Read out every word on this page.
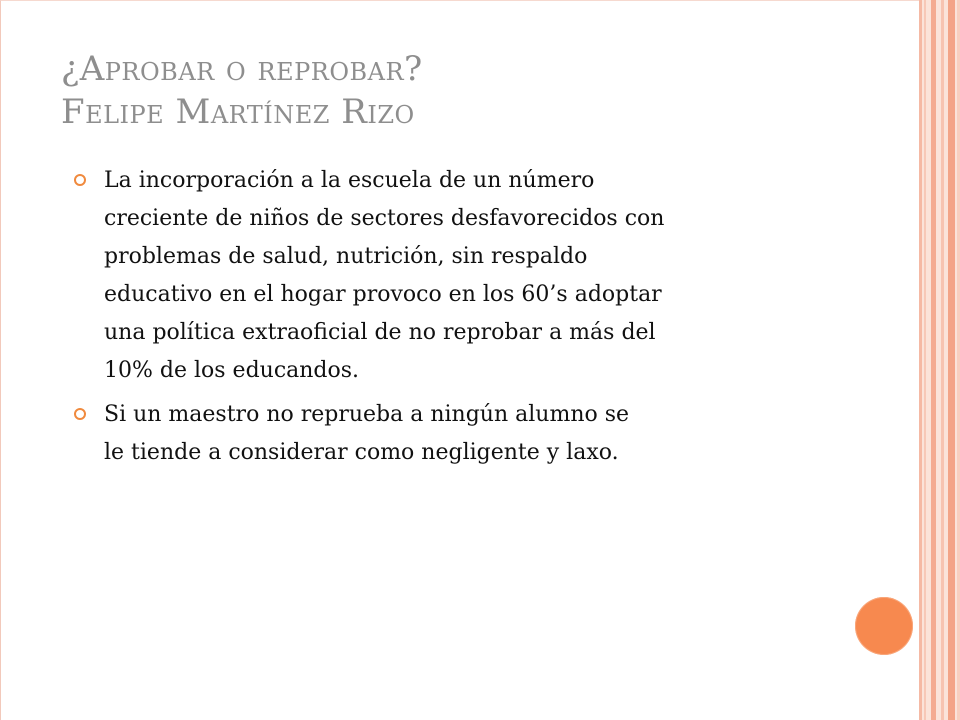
¿Aprobar o reprobar?
Felipe Martínez Rizo
La incorporación a la escuela de un número
creciente de niños de sectores desfavorecidos con
problemas de salud, nutrición, sin respaldo
educativo en el hogar provoco en los 60’s adoptar
una política extraoficial de no reprobar a más del
10% de los educandos.
Si un maestro no reprueba a ningún alumno se
le tiende a considerar como negligente y laxo.
